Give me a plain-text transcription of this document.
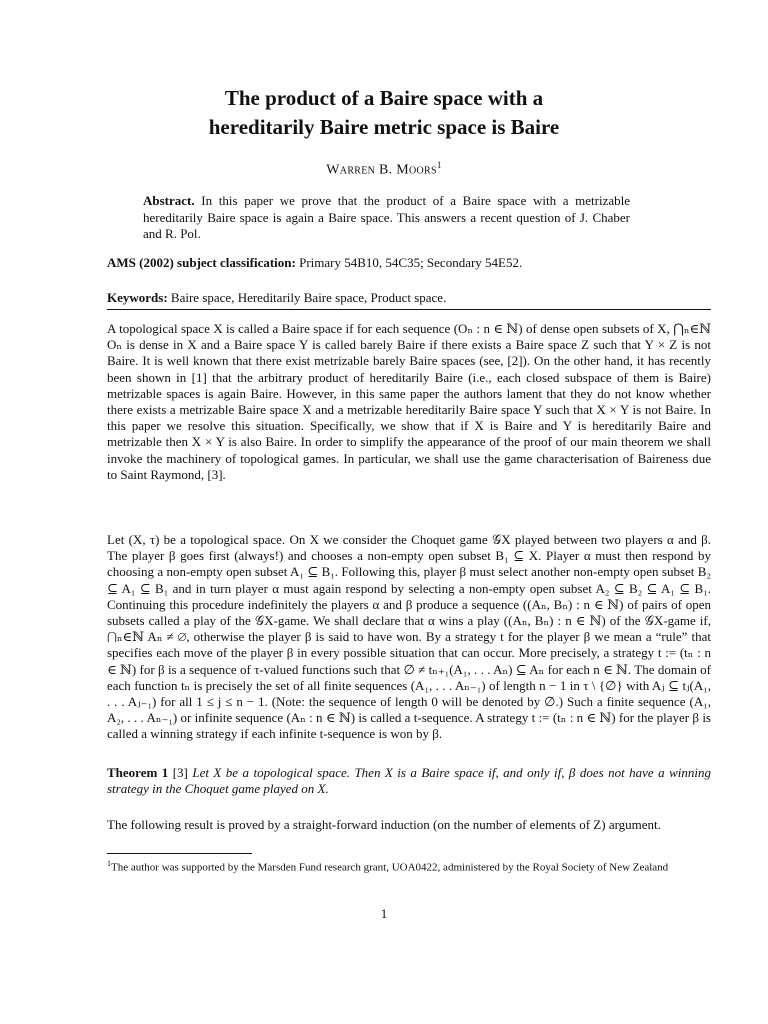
The product of a Baire space with a
hereditarily Baire metric space is Baire
Warren B. Moors$^1$
Abstract. In this paper we prove that the product of a Baire space with a metrizable hereditarily Baire space is again a Baire space. This answers a recent question of J. Chaber and R. Pol.
AMS (2002) subject classification: Primary 54B10, 54C35; Secondary 54E52.
Keywords: Baire space, Hereditarily Baire space, Product space.
A topological space X is called a Baire space if for each sequence (Oₙ : n ∈ ℕ) of dense open subsets of X, ⋂ₙ∈ℕ Oₙ is dense in X and a Baire space Y is called barely Baire if there exists a Baire space Z such that Y × Z is not Baire. It is well known that there exist metrizable barely Baire spaces (see, [2]). On the other hand, it has recently been shown in [1] that the arbitrary product of hereditarily Baire (i.e., each closed subspace of them is Baire) metrizable spaces is again Baire. However, in this same paper the authors lament that they do not know whether there exists a metrizable Baire space X and a metrizable hereditarily Baire space Y such that X × Y is not Baire. In this paper we resolve this situation. Specifically, we show that if X is Baire and Y is hereditarily Baire and metrizable then X × Y is also Baire. In order to simplify the appearance of the proof of our main theorem we shall invoke the machinery of topological games. In particular, we shall use the game characterisation of Baireness due to Saint Raymond, [3].
Let (X, τ) be a topological space. On X we consider the Choquet game 𝒢X played between two players α and β. The player β goes first (always!) and chooses a non-empty open subset B₁ ⊆ X. Player α must then respond by choosing a non-empty open subset A₁ ⊆ B₁. Following this, player β must select another non-empty open subset B₂ ⊆ A₁ ⊆ B₁ and in turn player α must again respond by selecting a non-empty open subset A₂ ⊆ B₂ ⊆ A₁ ⊆ B₁. Continuing this procedure indefinitely the players α and β produce a sequence ((Aₙ, Bₙ) : n ∈ ℕ) of pairs of open subsets called a play of the 𝒢X-game. We shall declare that α wins a play ((Aₙ, Bₙ) : n ∈ ℕ) of the 𝒢X-game if, ⋂ₙ∈ℕ Aₙ ≠ ∅, otherwise the player β is said to have won. By a strategy t for the player β we mean a “rule” that specifies each move of the player β in every possible situation that can occur. More precisely, a strategy t := (tₙ : n ∈ ℕ) for β is a sequence of τ-valued functions such that ∅ ≠ tₙ₊₁(A₁, . . . Aₙ) ⊆ Aₙ for each n ∈ ℕ. The domain of each function tₙ is precisely the set of all finite sequences (A₁, . . . Aₙ₋₁) of length n − 1 in τ \ {∅} with Aⱼ ⊆ tⱼ(A₁, . . . Aⱼ₋₁) for all 1 ≤ j ≤ n − 1. (Note: the sequence of length 0 will be denoted by ∅.) Such a finite sequence (A₁, A₂, . . . Aₙ₋₁) or infinite sequence (Aₙ : n ∈ ℕ) is called a t-sequence. A strategy t := (tₙ : n ∈ ℕ) for the player β is called a winning strategy if each infinite t-sequence is won by β.
Theorem 1 [3] Let X be a topological space. Then X is a Baire space if, and only if, β does not have a winning strategy in the Choquet game played on X.
The following result is proved by a straight-forward induction (on the number of elements of Z) argument.
$^1$The author was supported by the Marsden Fund research grant, UOA0422, administered by the Royal Society of New Zealand
1
